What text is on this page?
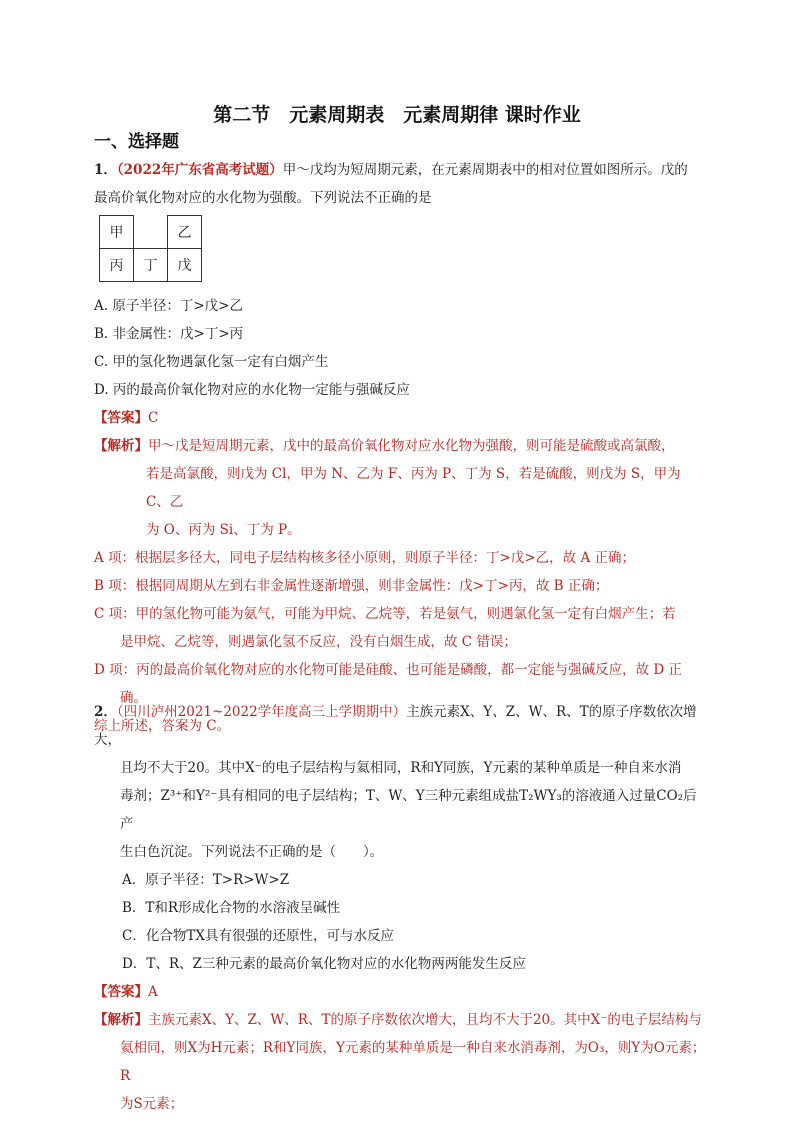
第二节　元素周期表　元素周期律 课时作业
一、选择题

1．（2022年广东省高考试题）甲～戊均为短周期元素，在元素周期表中的相对位置如图所示。戊的

最高价氧化物对应的水化物为强酸。下列说法不正确的是

甲		乙
丙	丁	戊

A. 原子半径：丁>戊>乙

B. 非金属性：戊>丁>丙

C. 甲的氢化物遇氯化氢一定有白烟产生

D. 丙的最高价氧化物对应的水化物一定能与强碱反应

【答案】C

【解析】甲～戊是短周期元素，戊中的最高价氧化物对应水化物为强酸，则可能是硫酸或高氯酸，

若是高氯酸，则戊为 Cl，甲为 N、乙为 F、丙为 P、丁为 S，若是硫酸，则戊为 S，甲为 C、乙

为 O、丙为 Si、丁为 P。

A 项：根据层多径大，同电子层结构核多径小原则，则原子半径：丁>戊>乙，故 A 正确；

B 项：根据同周期从左到右非金属性逐渐增强，则非金属性：戊>丁>丙，故 B 正确；

C 项：甲的氢化物可能为氨气，可能为甲烷、乙烷等，若是氨气，则遇氯化氢一定有白烟产生；若

是甲烷、乙烷等，则遇氯化氢不反应，没有白烟生成，故 C 错误；

D 项：丙的最高价氧化物对应的水化物可能是硅酸、也可能是磷酸，都一定能与强碱反应，故 D 正

确。

综上所述，答案为 C。

2．（四川泸州2021~2022学年度高三上学期期中）主族元素X、Y、Z、W、R、T的原子序数依次增大，

且均不大于20。其中X⁻的电子层结构与氦相同，R和Y同族，Y元素的某种单质是一种自来水消

毒剂；Z³⁺和Y²⁻具有相同的电子层结构；T、W、Y三种元素组成盐T₂WY₃的溶液通入过量CO₂后产

生白色沉淀。下列说法不正确的是（　　）。

A．原子半径：T>R>W>Z

B．T和R形成化合物的水溶液呈碱性

C．化合物TX具有很强的还原性，可与水反应

D．T、R、Z三种元素的最高价氧化物对应的水化物两两能发生反应

【答案】A

【解析】主族元素X、Y、Z、W、R、T的原子序数依次增大，且均不大于20。其中X⁻的电子层结构与

氦相同，则X为H元素；R和Y同族，Y元素的某种单质是一种自来水消毒剂，为O₃，则Y为O元素；R

为S元素；
